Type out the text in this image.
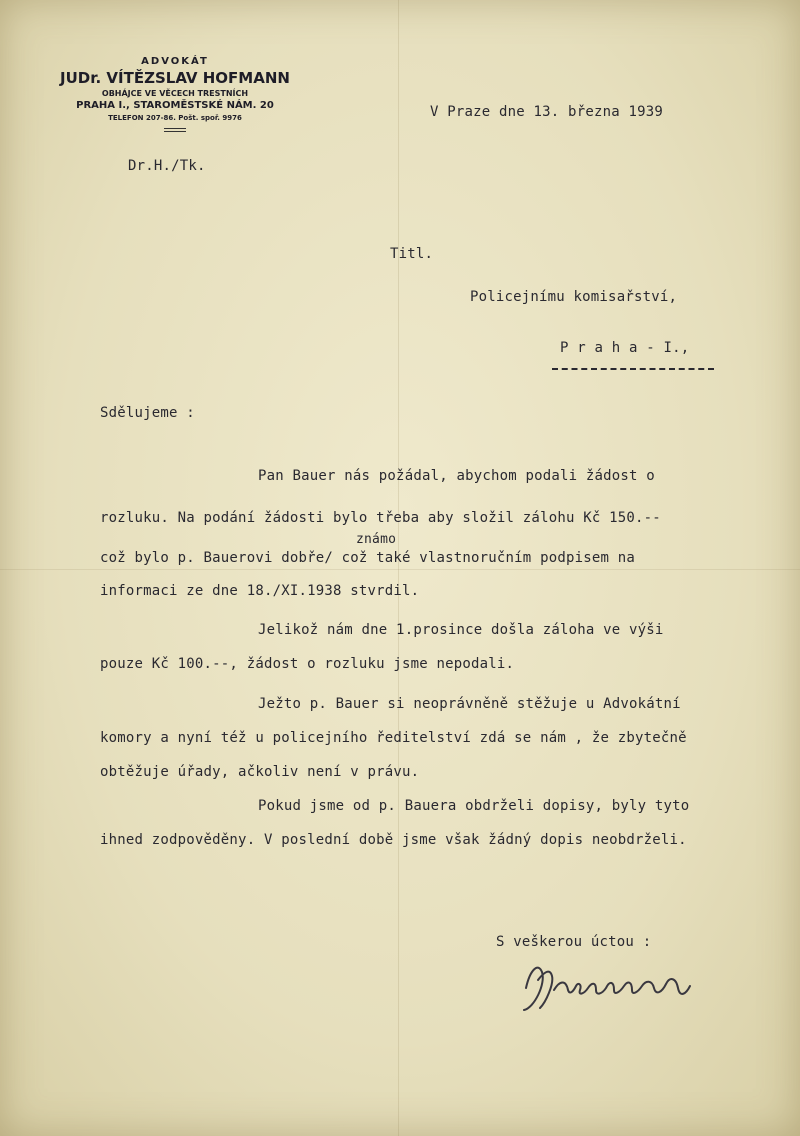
ADVOKÁT
JUDr. VÍTĚZSLAV HOFMANN
OBHÁJCE VE VĚCECH TRESTNÍCH
PRAHA I., STAROMĚSTSKÉ NÁM. 20
TELEFON 207-86. Pošt. spoř. 9976
Dr.H./Tk.
V Praze dne 13. března 1939
Titl.
Policejnímu komisařství,
P r a h a - I.,
Sdělujeme :
Pan Bauer nás požádal, abychom podali žádost o
rozluku. Na podání žádosti bylo třeba aby složil zálohu Kč 150.--
známo
což bylo p. Bauerovi dobře/ což také vlastnoručním podpisem na
informaci ze dne 18./XI.1938 stvrdil.
Jelikož nám dne 1.prosince došla záloha ve výši
pouze Kč 100.--, žádost o rozluku jsme nepodali.
Ježto p. Bauer si neoprávněně stěžuje u Advokátní
komory a nyní též u policejního ředitelství zdá se nám , že zbytečně
obtěžuje úřady, ačkoliv není v právu.
Pokud jsme od p. Bauera obdrželi dopisy, byly tyto
ihned zodpověděny. V poslední době jsme však žádný dopis neobdrželi.
S veškerou úctou :
